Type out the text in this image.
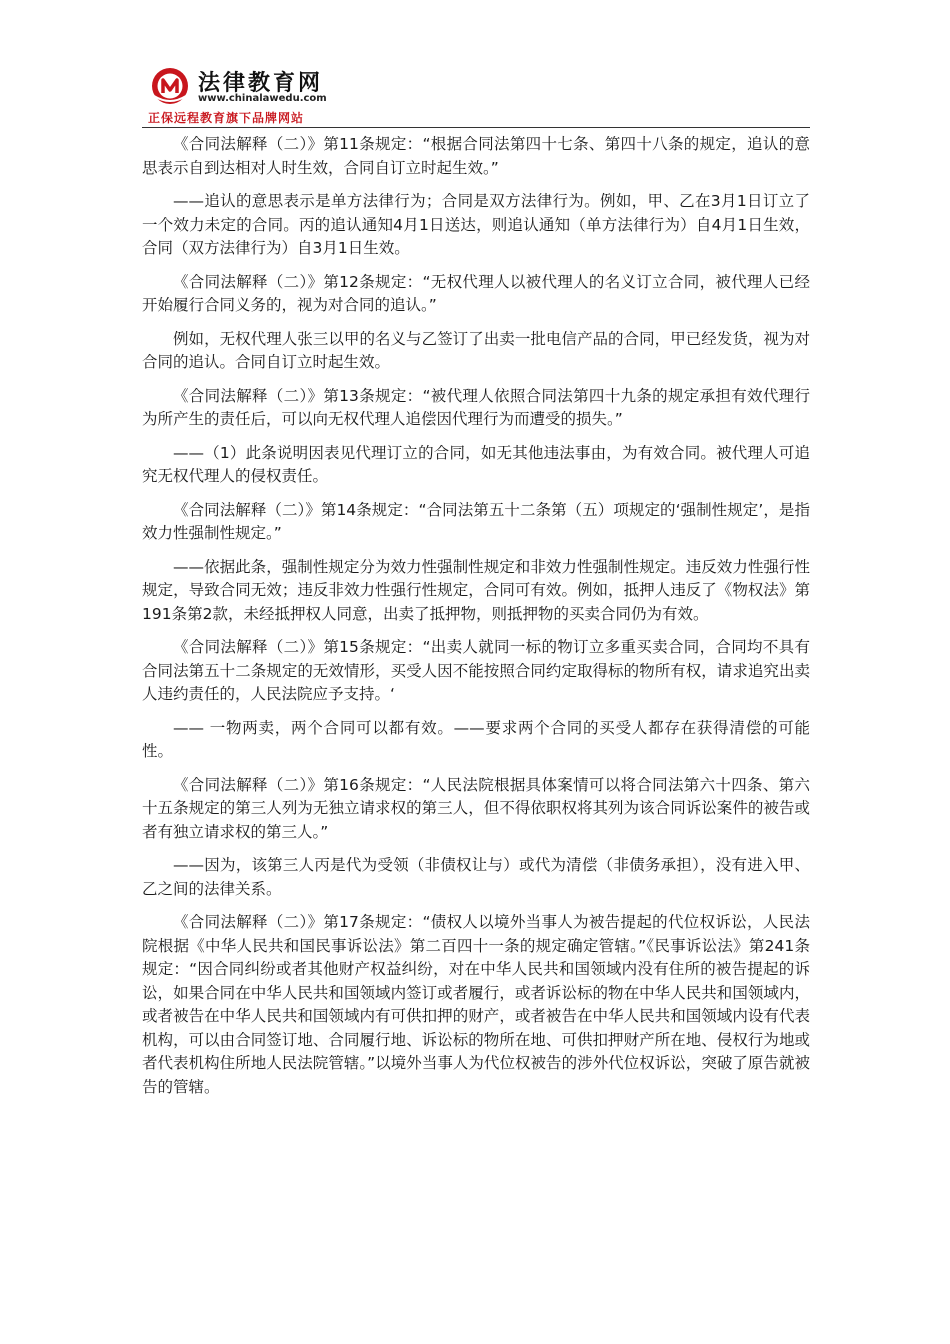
法律教育网
www.chinalawedu.com
正保远程教育旗下品牌网站

《合同法解释（二）》第11条规定：“根据合同法第四十七条、第四十八条的规定，追认的意思表示自到达相对人时生效，合同自订立时起生效。”

——追认的意思表示是单方法律行为；合同是双方法律行为。例如，甲、乙在3月1日订立了一个效力未定的合同。丙的追认通知4月1日送达，则追认通知（单方法律行为）自4月1日生效，合同（双方法律行为）自3月1日生效。

《合同法解释（二）》第12条规定：“无权代理人以被代理人的名义订立合同，被代理人已经开始履行合同义务的，视为对合同的追认。”

例如，无权代理人张三以甲的名义与乙签订了出卖一批电信产品的合同，甲已经发货，视为对合同的追认。合同自订立时起生效。

《合同法解释（二）》第13条规定：“被代理人依照合同法第四十九条的规定承担有效代理行为所产生的责任后，可以向无权代理人追偿因代理行为而遭受的损失。”

——（1）此条说明因表见代理订立的合同，如无其他违法事由，为有效合同。被代理人可追究无权代理人的侵权责任。

《合同法解释（二）》第14条规定：“合同法第五十二条第（五）项规定的‘强制性规定’，是指效力性强制性规定。”

——依据此条，强制性规定分为效力性强制性规定和非效力性强制性规定。违反效力性强行性规定，导致合同无效；违反非效力性强行性规定，合同可有效。例如，抵押人违反了《物权法》第191条第2款，未经抵押权人同意，出卖了抵押物，则抵押物的买卖合同仍为有效。

《合同法解释（二）》第15条规定：“出卖人就同一标的物订立多重买卖合同，合同均不具有合同法第五十二条规定的无效情形，买受人因不能按照合同约定取得标的物所有权，请求追究出卖人违约责任的，人民法院应予支持。‘

—— 一物两卖，两个合同可以都有效。——要求两个合同的买受人都存在获得清偿的可能性。

《合同法解释（二）》第16条规定：“人民法院根据具体案情可以将合同法第六十四条、第六十五条规定的第三人列为无独立请求权的第三人，但不得依职权将其列为该合同诉讼案件的被告或者有独立请求权的第三人。”

——因为，该第三人丙是代为受领（非债权让与）或代为清偿（非债务承担），没有进入甲、乙之间的法律关系。

《合同法解释（二）》第17条规定：“债权人以境外当事人为被告提起的代位权诉讼，人民法院根据《中华人民共和国民事诉讼法》第二百四十一条的规定确定管辖。”《民事诉讼法》第241条规定：“因合同纠纷或者其他财产权益纠纷，对在中华人民共和国领域内没有住所的被告提起的诉讼，如果合同在中华人民共和国领域内签订或者履行，或者诉讼标的物在中华人民共和国领域内，或者被告在中华人民共和国领域内有可供扣押的财产，或者被告在中华人民共和国领域内设有代表机构，可以由合同签订地、合同履行地、诉讼标的物所在地、可供扣押财产所在地、侵权行为地或者代表机构住所地人民法院管辖。”以境外当事人为代位权被告的涉外代位权诉讼，突破了原告就被告的管辖。
